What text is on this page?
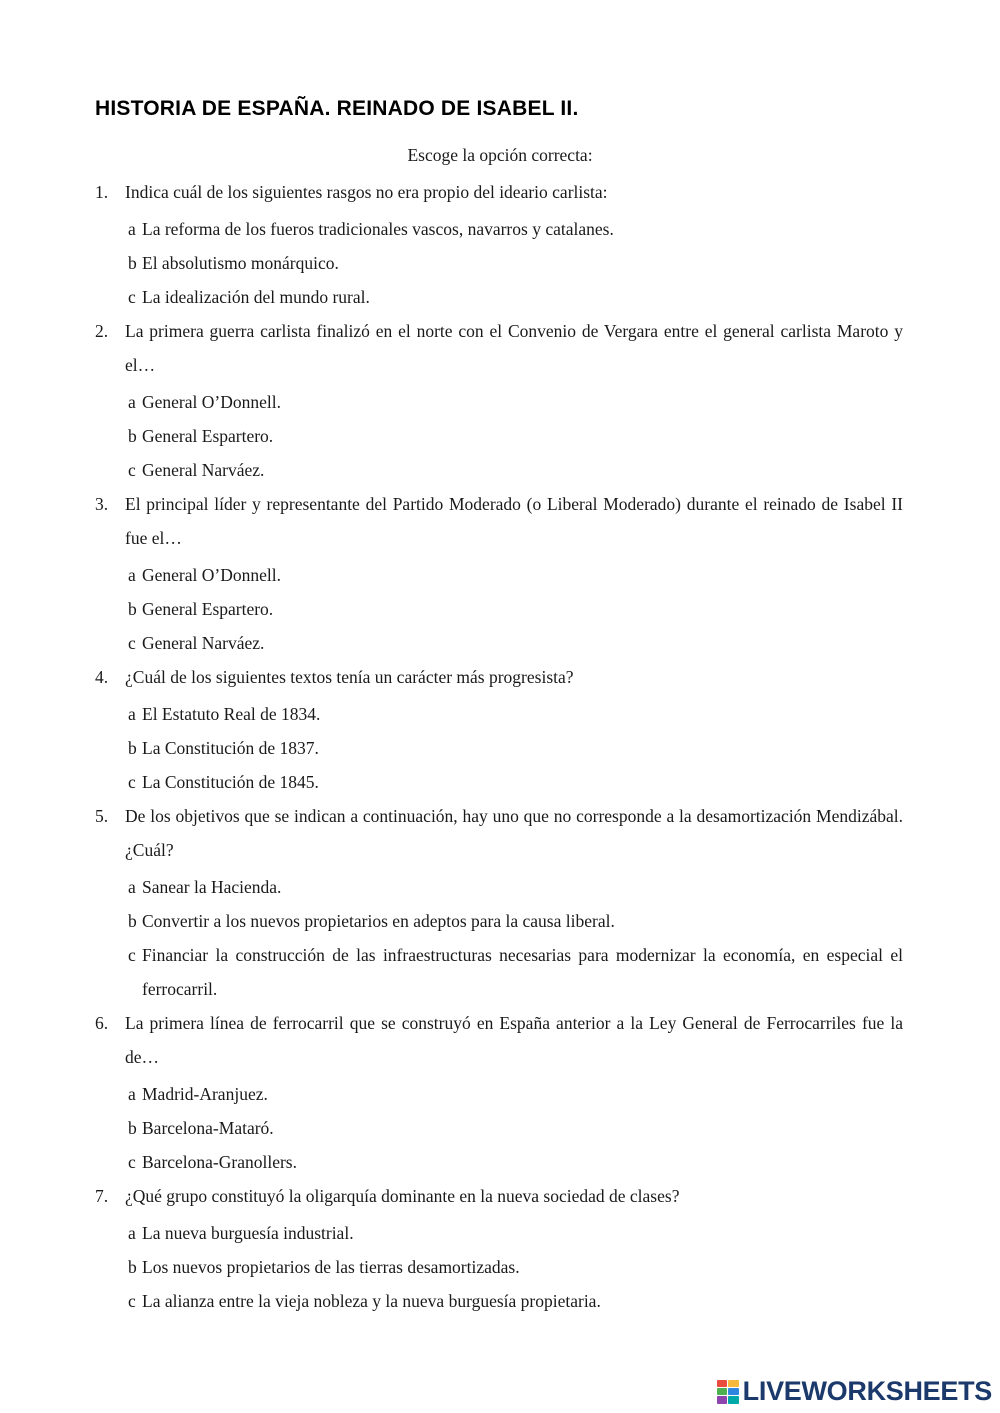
HISTORIA DE ESPAÑA. REINADO DE ISABEL II.
Escoge la opción correcta:
1. Indica cuál de los siguientes rasgos no era propio del ideario carlista:
a La reforma de los fueros tradicionales vascos, navarros y catalanes.
b El absolutismo monárquico.
c La idealización del mundo rural.
2. La primera guerra carlista finalizó en el norte con el Convenio de Vergara entre el general carlista Maroto y el…
a General O’Donnell.
b General Espartero.
c General Narváez.
3. El principal líder y representante del Partido Moderado (o Liberal Moderado) durante el reinado de Isabel II fue el…
a General O’Donnell.
b General Espartero.
c General Narváez.
4. ¿Cuál de los siguientes textos tenía un carácter más progresista?
a El Estatuto Real de 1834.
b La Constitución de 1837.
c La Constitución de 1845.
5. De los objetivos que se indican a continuación, hay uno que no corresponde a la desamortización Mendizábal. ¿Cuál?
a Sanear la Hacienda.
b Convertir a los nuevos propietarios en adeptos para la causa liberal.
c Financiar la construcción de las infraestructuras necesarias para modernizar la economía, en especial el ferrocarril.
6. La primera línea de ferrocarril que se construyó en España anterior a la Ley General de Ferrocarriles fue la de…
a Madrid-Aranjuez.
b Barcelona-Mataró.
c Barcelona-Granollers.
7. ¿Qué grupo constituyó la oligarquía dominante en la nueva sociedad de clases?
a La nueva burguesía industrial.
b Los nuevos propietarios de las tierras desamortizadas.
c La alianza entre la vieja nobleza y la nueva burguesía propietaria.
LIVEWORKSHEETS
